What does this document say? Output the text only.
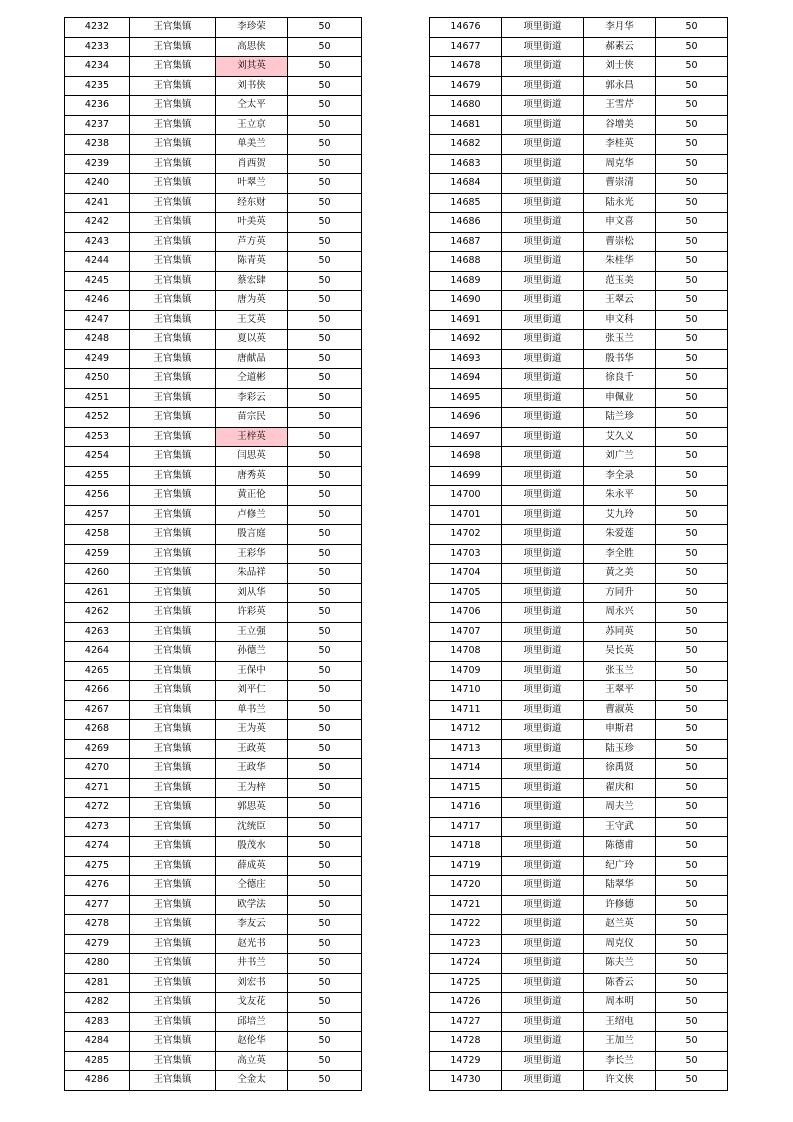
4232	王官集镇	李珍荣	50
4233	王官集镇	高思侠	50
4234	王官集镇	刘其英	50
4235	王官集镇	刘书侠	50
4236	王官集镇	仝太平	50
4237	王官集镇	王立京	50
4238	王官集镇	单美兰	50
4239	王官集镇	肖西贺	50
4240	王官集镇	叶翠兰	50
4241	王官集镇	经东财	50
4242	王官集镇	叶美英	50
4243	王官集镇	芦方英	50
4244	王官集镇	陈青英	50
4245	王官集镇	蔡宏肆	50
4246	王官集镇	唐为英	50
4247	王官集镇	王艾英	50
4248	王官集镇	夏以英	50
4249	王官集镇	唐献品	50
4250	王官集镇	仝道彬	50
4251	王官集镇	李彩云	50
4252	王官集镇	苗宗民	50
4253	王官集镇	王梓英	50
4254	王官集镇	闫思英	50
4255	王官集镇	唐秀英	50
4256	王官集镇	黄正伦	50
4257	王官集镇	卢修兰	50
4258	王官集镇	殷言庭	50
4259	王官集镇	王彩华	50
4260	王官集镇	朱品祥	50
4261	王官集镇	刘从华	50
4262	王官集镇	许彩英	50
4263	王官集镇	王立强	50
4264	王官集镇	孙德兰	50
4265	王官集镇	王保中	50
4266	王官集镇	刘平仁	50
4267	王官集镇	单书兰	50
4268	王官集镇	王为英	50
4269	王官集镇	王政英	50
4270	王官集镇	王政华	50
4271	王官集镇	王为梓	50
4272	王官集镇	郭思英	50
4273	王官集镇	沈统臣	50
4274	王官集镇	殷茂水	50
4275	王官集镇	薛成英	50
4276	王官集镇	仝德庄	50
4277	王官集镇	欧学法	50
4278	王官集镇	李友云	50
4279	王官集镇	赵光书	50
4280	王官集镇	井书兰	50
4281	王官集镇	刘宏书	50
4282	王官集镇	戈友花	50
4283	王官集镇	邱培兰	50
4284	王官集镇	赵伦华	50
4285	王官集镇	高立英	50
4286	王官集镇	仝金太	50
14676	项里街道	李月华	50
14677	项里街道	郝素云	50
14678	项里街道	刘士侠	50
14679	项里街道	郭永昌	50
14680	项里街道	王雪芹	50
14681	项里街道	谷增美	50
14682	项里街道	李桂英	50
14683	项里街道	周克华	50
14684	项里街道	曹崇清	50
14685	项里街道	陆永光	50
14686	项里街道	申文喜	50
14687	项里街道	曹崇松	50
14688	项里街道	朱桂华	50
14689	项里街道	范玉美	50
14690	项里街道	王翠云	50
14691	项里街道	申文科	50
14692	项里街道	张玉兰	50
14693	项里街道	殷书华	50
14694	项里街道	徐良千	50
14695	项里街道	申佩业	50
14696	项里街道	陆兰珍	50
14697	项里街道	艾久义	50
14698	项里街道	刘广兰	50
14699	项里街道	李全录	50
14700	项里街道	朱永平	50
14701	项里街道	艾九玲	50
14702	项里街道	朱爱莲	50
14703	项里街道	李全胜	50
14704	项里街道	黄之美	50
14705	项里街道	方同升	50
14706	项里街道	周永兴	50
14707	项里街道	苏同英	50
14708	项里街道	吴长英	50
14709	项里街道	张玉兰	50
14710	项里街道	王翠平	50
14711	项里街道	曹淑英	50
14712	项里街道	申斯君	50
14713	项里街道	陆玉珍	50
14714	项里街道	徐禹贤	50
14715	项里街道	翟庆和	50
14716	项里街道	周夫兰	50
14717	项里街道	王守武	50
14718	项里街道	陈德甫	50
14719	项里街道	纪广玲	50
14720	项里街道	陆翠华	50
14721	项里街道	许修德	50
14722	项里街道	赵兰英	50
14723	项里街道	周克仪	50
14724	项里街道	陈夫兰	50
14725	项里街道	陈香云	50
14726	项里街道	周本明	50
14727	项里街道	王绍电	50
14728	项里街道	王加兰	50
14729	项里街道	李长兰	50
14730	项里街道	许文侠	50
